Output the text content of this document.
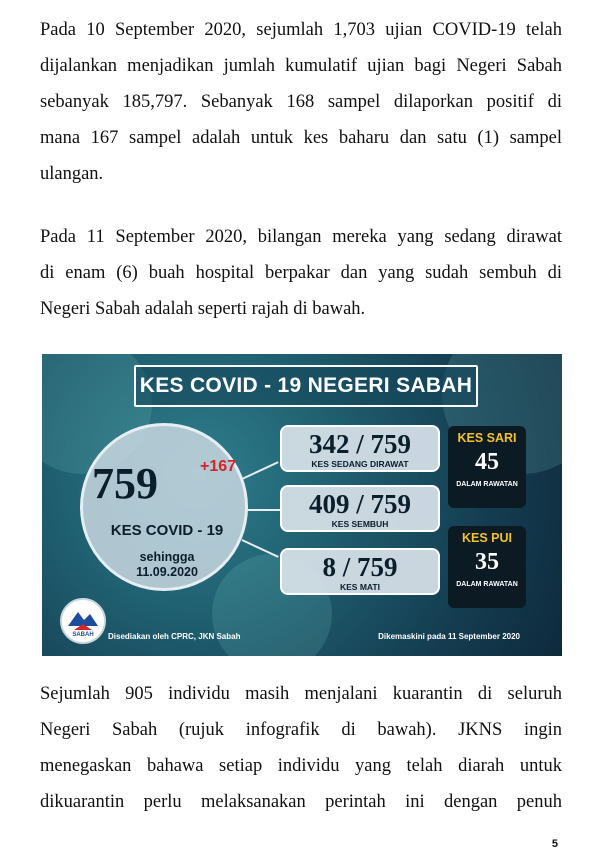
Pada 10 September 2020, sejumlah 1,703 ujian COVID-19 telah
dijalankan menjadikan jumlah kumulatif ujian bagi Negeri Sabah
sebanyak 185,797. Sebanyak 168 sampel dilaporkan positif di
mana 167 sampel adalah untuk kes baharu dan satu (1) sampel
ulangan.
Pada 11 September 2020, bilangan mereka yang sedang dirawat
di enam (6) buah hospital berpakar dan yang sudah sembuh di
Negeri Sabah adalah seperti rajah di bawah.
KES COVID - 19 NEGERI SABAH
759	+167
KES COVID - 19
sehingga
11.09.2020
342 / 759
KES SEDANG DIRAWAT
409 / 759
KES SEMBUH
8 / 759
KES MATI
KES SARI
45
DALAM RAWATAN
KES PUI
35
DALAM RAWATAN
SABAH Disediakan oleh CPRC, JKN Sabah	Dikemaskini pada 11 September 2020
Sejumlah 905 individu masih menjalani kuarantin di seluruh
Negeri Sabah (rujuk infografik di bawah). JKNS ingin
menegaskan bahawa setiap individu yang telah diarah untuk
dikuarantin perlu melaksanakan perintah ini dengan penuh
5
